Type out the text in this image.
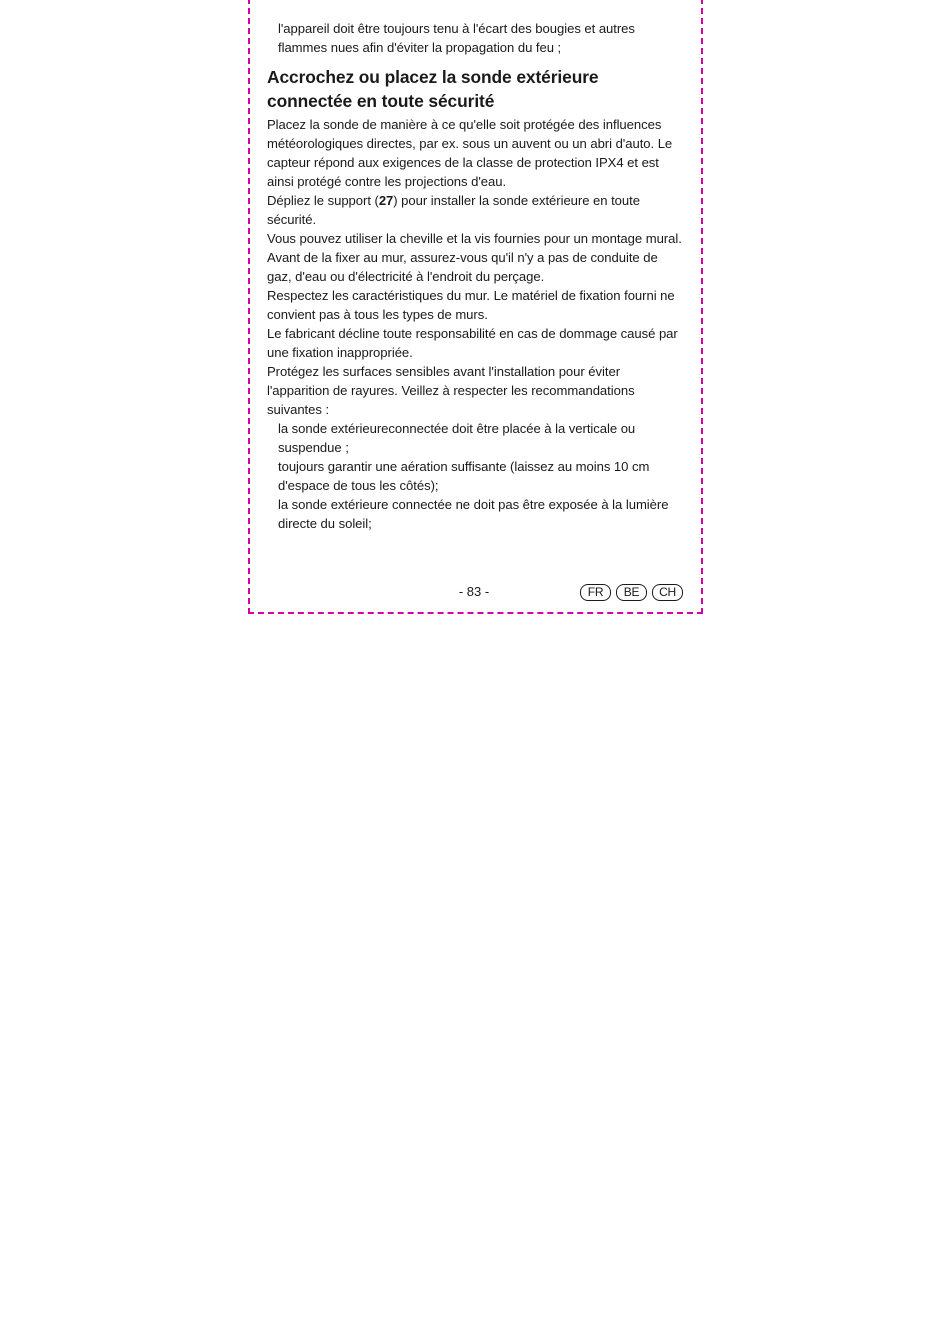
l'appareil doit être toujours tenu à l'écart des bougies et autres flammes nues afin d'éviter la propagation du feu ;

Accrochez ou placez la sonde extérieure connectée en toute sécurité

Placez la sonde de manière à ce qu'elle soit protégée des influences météorologiques directes, par ex. sous un auvent ou un abri d'auto. Le capteur répond aux exigences de la classe de protection IPX4 et est ainsi protégé contre les projections d'eau.

Dépliez le support (27) pour installer la sonde extérieure en toute sécurité.

Vous pouvez utiliser la cheville et la vis fournies pour un montage mural. Avant de la fixer au mur, assurez-vous qu'il n'y a pas de conduite de gaz, d'eau ou d'électricité à l'endroit du perçage.

Respectez les caractéristiques du mur. Le matériel de fixation fourni ne convient pas à tous les types de murs.

Le fabricant décline toute responsabilité en cas de dommage causé par une fixation inappropriée.

Protégez les surfaces sensibles avant l'installation pour éviter l'apparition de rayures. Veillez à respecter les recommandations suivantes :

la sonde extérieureconnectée doit être placée à la verticale ou suspendue ;

toujours garantir une aération suffisante (laissez au moins 10 cm d'espace de tous les côtés);

la sonde extérieure connectée ne doit pas être exposée à la lumière directe du soleil;

- 83 -	FR	BE	CH
